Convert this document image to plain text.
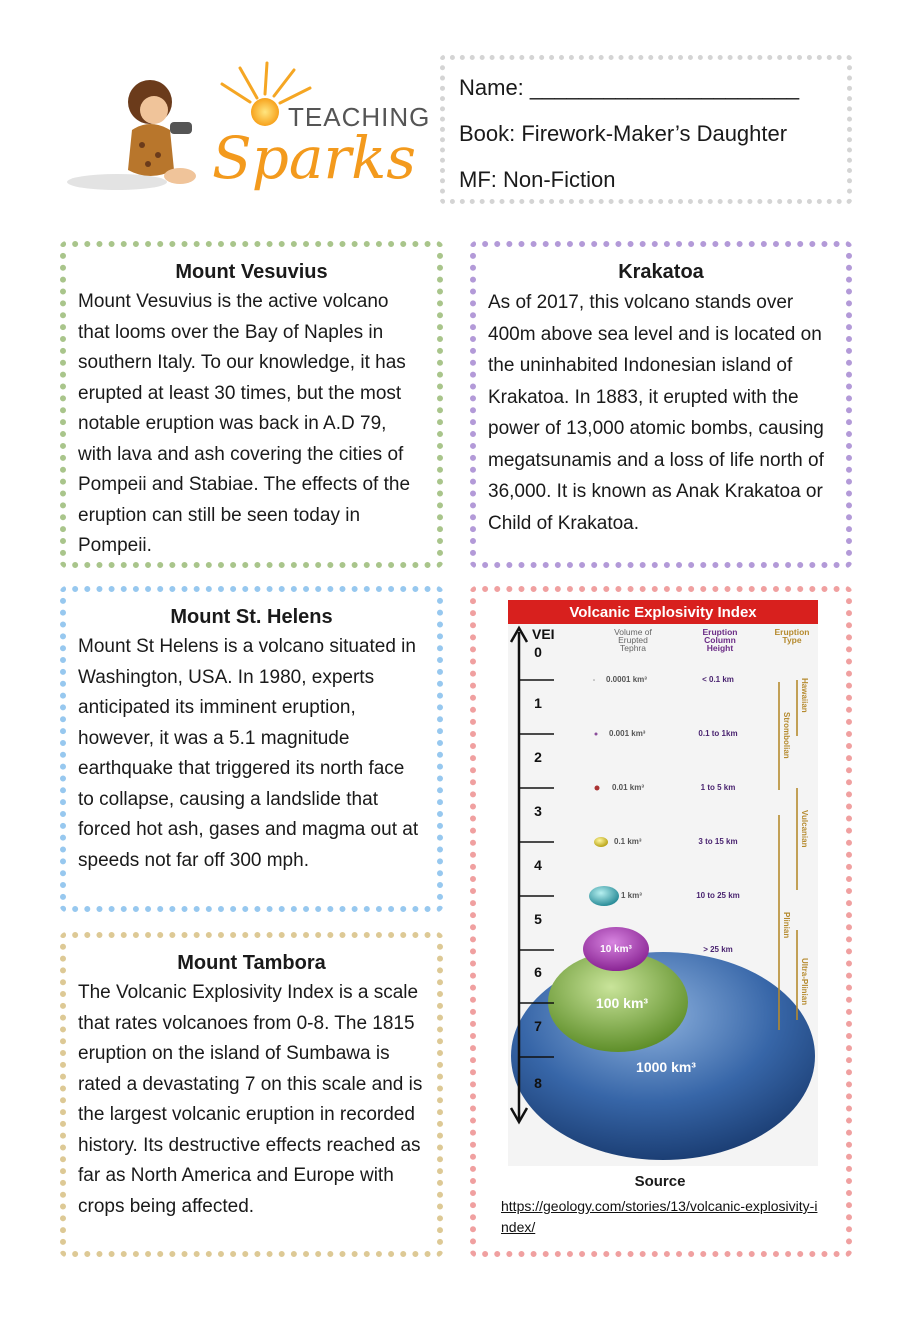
TEACHING
Sparks
Name: ______________________
Book: Firework-Maker’s Daughter
MF: Non-Fiction

Mount Vesuvius

Mount Vesuvius is the active volcano that looms over the Bay of Naples in southern Italy. To our knowledge, it has erupted at least 30 times, but the most notable eruption was back in A.D 79, with lava and ash covering the cities of Pompeii and Stabiae. The effects of the eruption can still be seen today in Pompeii.

Krakatoa

As of 2017, this volcano stands over 400m above sea level and is located on the uninhabited Indonesian island of Krakatoa. In 1883, it erupted with the power of 13,000 atomic bombs, causing megatsunamis and a loss of life north of 36,000. It is known as Anak Krakatoa or Child of Krakatoa.

Mount St. Helens

Mount St Helens is a volcano situated in Washington, USA. In 1980, experts anticipated its imminent eruption, however, it was a 5.1 magnitude earthquake that triggered its north face to collapse, causing a landslide that forced hot ash, gases and magma out at speeds not far off 300 mph.

Mount Tambora

The Volcanic Explosivity Index is a scale that rates volcanoes from 0-8. The 1815 eruption on the island of Sumbawa is rated a devastating 7 on this scale and is the largest volcanic eruption in recorded history. Its destructive effects reached as far as North America and Europe with crops being affected.

Volcanic Explosivity Index
VEI	Volume of
Erupted
Tephra
Eruption
Column
Height
Eruption
Type
0
1
2
3
4
5
6
7
8
0.0001 km³
0.001 km³
0.01 km³
0.1 km³
1 km³
10 km³
100 km³
1000 km³
< 0.1 km
0.1 to 1km
1 to 5 km
3 to 15 km
10 to 25 km
> 25 km
Hawaiian
Strombolian
Vulcanian
Plinian
Ultra-Plinian
Source
https://geology.com/stories/13/volcanic-explosivity-index/
